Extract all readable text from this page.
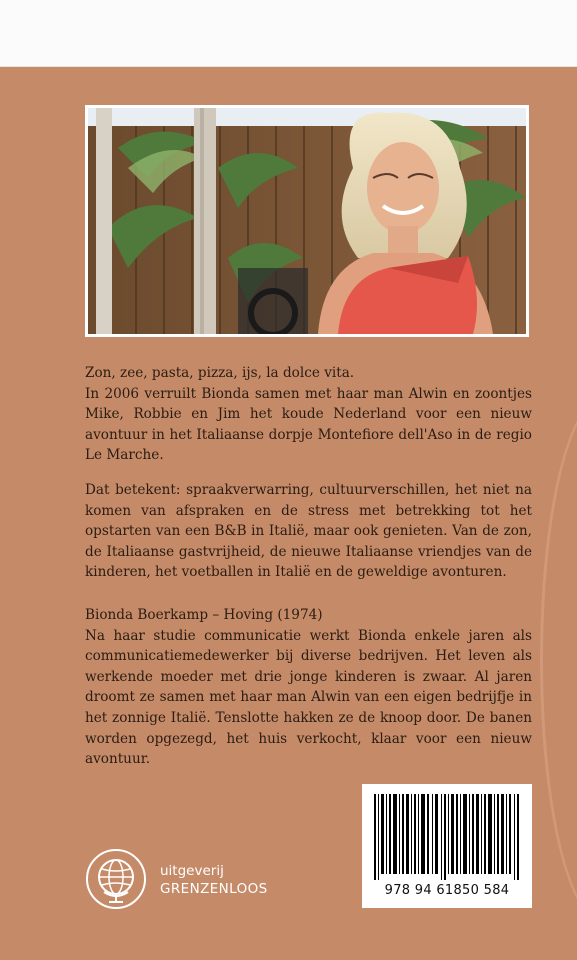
Zon, zee, pasta, pizza, ijs, la dolce vita.

In 2006 verruilt Bionda samen met haar man Alwin en zoontjes Mike, Robbie en Jim het koude Nederland voor een nieuw avontuur in het Italiaanse dorpje Montefiore dell'Aso in de regio Le Marche.

Dat betekent: spraakverwarring, cultuurverschillen, het niet na komen van afspraken en de stress met betrekking tot het opstarten van een B&B in Italië, maar ook genieten. Van de zon, de Italiaanse gastvrijheid, de nieuwe Italiaanse vriendjes van de kinderen, het voetballen in Italië en de geweldige avonturen.

Bionda Boerkamp – Hoving (1974)

Na haar studie communicatie werkt Bionda enkele jaren als communicatiemedewerker bij diverse bedrijven. Het leven als werkende moeder met drie jonge kinderen is zwaar. Al jaren droomt ze samen met haar man Alwin van een eigen bedrijfje in het zonnige Italië. Tenslotte hakken ze de knoop door. De banen worden opgezegd, het huis verkocht, klaar voor een nieuw avontuur.

978 94 61850 584
uitgeverij
GRENZENLOOS
